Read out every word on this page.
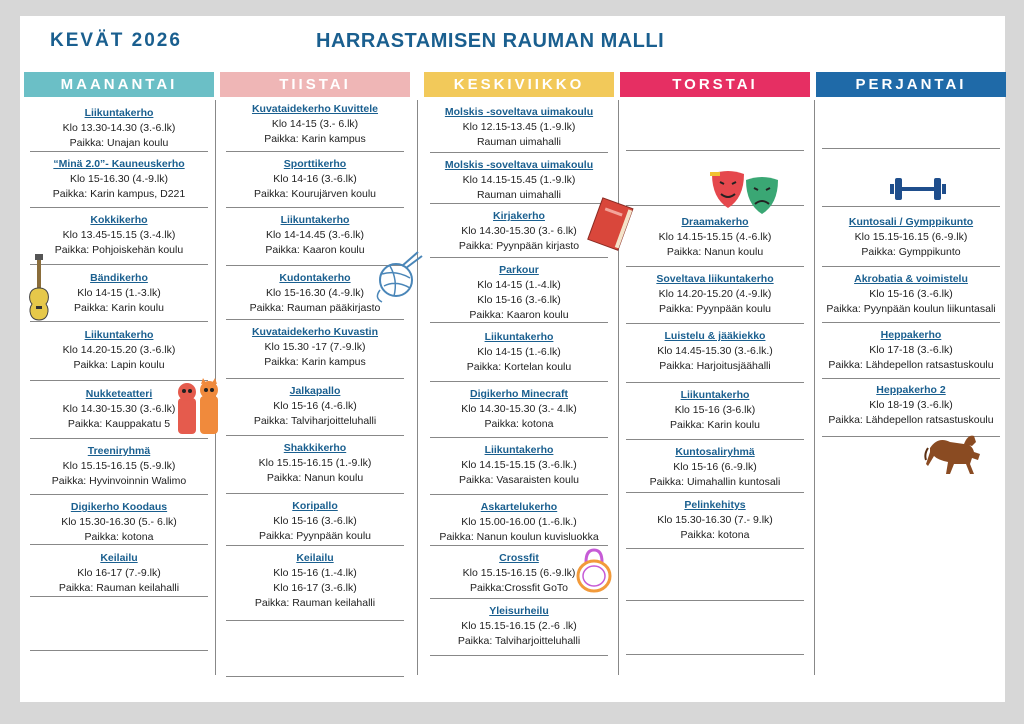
KEVÄT 2026	HARRASTAMISEN RAUMAN MALLI
MAANANTAI	TIISTAI	KESKIVIIKKO	TORSTAI	PERJANTAI
Liikuntakerho
Klo 13.30-14.30 (3.-6.lk)
Paikka: Unajan koulu
“Minä 2.0”- Kauneuskerho
Klo 15-16.30 (4.-9.lk)
Paikka: Karin kampus, D221
Kokkikerho
Klo 13.45-15.15 (3.-4.lk)
Paikka: Pohjoiskehän koulu
Bändikerho
Klo 14-15 (1.-3.lk)
Paikka: Karin koulu
Liikuntakerho
Klo 14.20-15.20 (3.-6.lk)
Paikka: Lapin koulu
Nukketeatteri
Klo 14.30-15.30 (3.-6.lk)
Paikka: Kauppakatu 5
Treeniryhmä
Klo 15.15-16.15 (5.-9.lk)
Paikka: Hyvinvoinnin Walimo
Digikerho Koodaus
Klo 15.30-16.30 (5.- 6.lk)
Paikka: kotona
Keilailu
Klo 16-17 (7.-9.lk)
Paikka: Rauman keilahalli
Kuvataidekerho Kuvittele
Klo 14-15 (3.- 6.lk)
Paikka: Karin kampus
Sporttikerho
Klo 14-16 (3.-6.lk)
Paikka: Kourujärven koulu
Liikuntakerho
Klo 14-14.45 (3.-6.lk)
Paikka: Kaaron koulu
Kudontakerho
Klo 15-16.30 (4.-9.lk)
Paikka: Rauman pääkirjasto
Kuvataidekerho Kuvastin
Klo 15.30 -17 (7.-9.lk)
Paikka: Karin kampus
Jalkapallo
Klo 15-16 (4.-6.lk)
Paikka: Talviharjoitteluhalli
Shakkikerho
Klo 15.15-16.15 (1.-9.lk)
Paikka: Nanun koulu
Koripallo
Klo 15-16 (3.-6.lk)
Paikka: Pyynpään koulu
Keilailu
Klo 15-16 (1.-4.lk)
Klo 16-17 (3.-6.lk)
Paikka: Rauman keilahalli
Molskis -soveltava uimakoulu
Klo 12.15-13.45 (1.-9.lk)
Rauman uimahalli
Molskis -soveltava uimakoulu
Klo 14.15-15.45 (1.-9.lk)
Rauman uimahalli
Kirjakerho
Klo 14.30-15.30 (3.- 6.lk)
Paikka: Pyynpään kirjasto
Parkour
Klo 14-15 (1.-4.lk)
Klo 15-16 (3.-6.lk)
Paikka: Kaaron koulu
Liikuntakerho
Klo 14-15 (1.-6.lk)
Paikka: Kortelan koulu
Digikerho Minecraft
Klo 14.30-15.30 (3.- 4.lk)
Paikka: kotona
Liikuntakerho
Klo 14.15-15.15 (3.-6.lk.)
Paikka: Vasaraisten koulu
Askartelukerho
Klo 15.00-16.00 (1.-6.lk.)
Paikka: Nanun koulun kuvisluokka
Crossfit
Klo 15.15-16.15 (6.-9.lk)
Paikka:Crossfit GoTo
Yleisurheilu
Klo 15.15-16.15 (2.-6 .lk)
Paikka: Talviharjoitteluhalli
Draamakerho
Klo 14.15-15.15 (4.-6.lk)
Paikka: Nanun koulu
Soveltava liikuntakerho
Klo 14.20-15.20 (4.-9.lk)
Paikka: Pyynpään koulu
Luistelu & jääkiekko
Klo 14.45-15.30 (3.-6.lk.)
Paikka: Harjoitusjäähalli
Liikuntakerho
Klo 15-16 (3-6.lk)
Paikka: Karin koulu
Kuntosaliryhmä
Klo 15-16 (6.-9.lk)
Paikka: Uimahallin kuntosali
Pelinkehitys
Klo 15.30-16.30 (7.- 9.lk)
Paikka: kotona
Kuntosali / Gymppikunto
Klo 15.15-16.15 (6.-9.lk)
Paikka: Gymppikunto
Akrobatia & voimistelu
Klo 15-16 (3.-6.lk)
Paikka: Pyynpään koulun liikuntasali
Heppakerho
Klo 17-18 (3.-6.lk)
Paikka: Lähdepellon ratsastuskoulu
Heppakerho 2
Klo 18-19 (3.-6.lk)
Paikka: Lähdepellon ratsastuskoulu
